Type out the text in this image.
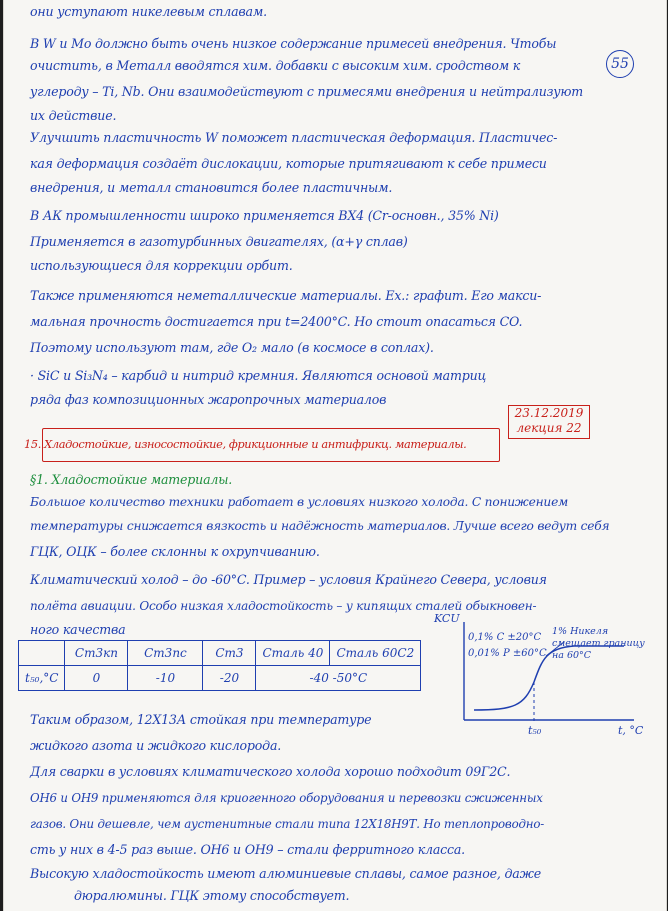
55
они уступают никелевым сплавам.
В W и Mo должно быть очень низкое содержание примесей внедрения. Чтобы
очистить, в Металл вводятся хим. добавки с высоким хим. сродством к
углероду – Ti, Nb. Они взаимодействуют с примесями внедрения и нейтрализуют
их действие.
Улучшить пластичность W поможет пластическая деформация. Пластичес-
кая деформация создаёт дислокации, которые притягивают к себе примеси
внедрения, и металл становится более пластичным.
В АК промышленности широко применяется ВХ4 (Cr-основн., 35% Ni)
Применяется в газотурбинных двигателях, (α+γ сплав)
использующиеся для коррекции орбит.
Также применяются неметаллические материалы. Ex.: графит. Его макси-
мальная прочность достигается при t=2400°C. Но стоит опасаться CO.
Поэтому используют там, где O₂ мало (в космосе в соплах).
· SiC и Si₃N₄ – карбид и нитрид кремния. Являются основой матриц
ряда фаз композиционных жаропрочных материалов
23.12.2019
лекция 22
15. Хладостойкие, износостойкие, фрикционные и антифрикц. материалы.
§1. Хладостойкие материалы.
Большое количество техники работает в условиях низкого холода. С понижением
температуры снижается вязкость и надёжность материалов. Лучше всего ведут себя
ГЦК, ОЦК – более склонны к охрупчиванию.
Климатический холод – до -60°C. Пример – условия Крайнего Севера, условия
полёта авиации. Особо низкая хладостойкость – у кипящих сталей обыкновен-
ного качества
	Ст3кп	Ст3пс	Ст3	Сталь 40	Сталь 60С2
t₅₀,°C	0	-10	-20	-40 -50°C	
KCU
0,1% C ±20°C
0,01% P ±60°C
1% Никеля смещает границу на 60°C
t₅₀	t, °C
Таким образом, 12Х13А стойкая при температуре
жидкого азота и жидкого кислорода.
Для сварки в условиях климатического холода хорошо подходит 09Г2С.
ОН6 и ОН9 применяются для криогенного оборудования и перевозки сжиженных
газов. Они дешевле, чем аустенитные стали типа 12Х18Н9Т. Но теплопроводно-
сть у них в 4-5 раз выше. ОН6 и ОН9 – стали ферритного класса.
Высокую хладостойкость имеют алюминиевые сплавы, самое разное, даже
дюралюмины. ГЦК этому способствует.
